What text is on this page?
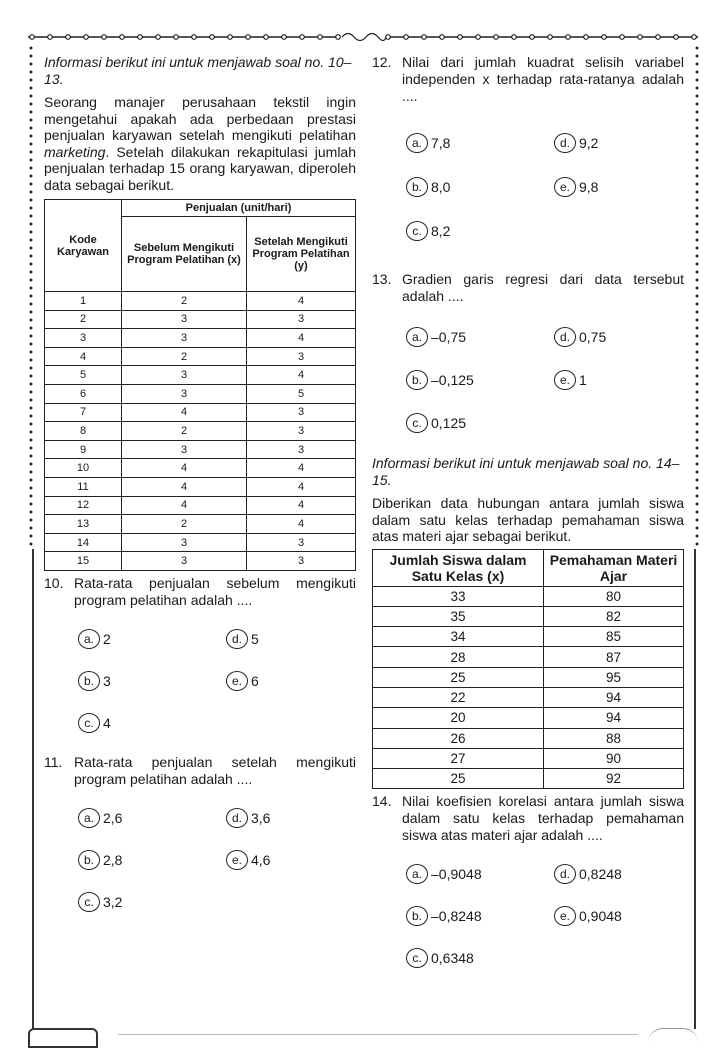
Informasi berikut ini untuk menjawab soal no. 10–13.

Seorang manajer perusahaan tekstil ingin mengetahui apakah ada perbedaan prestasi penjualan karyawan setelah mengikuti pelatihan marketing. Setelah dilakukan rekapitulasi jumlah penjualan terhadap 15 orang karyawan, diperoleh data sebagai berikut.

Kode Karyawan	Penjualan (unit/hari)	
	Sebelum Mengikuti Program Pelatihan (x)	Setelah Mengikuti Program Pelatihan (y)
1	2	4
2	3	3
3	3	4
4	2	3
5	3	4
6	3	5
7	4	3
8	2	3
9	3	3
10	4	4
11	4	4
12	4	4
13	2	4
14	3	3
15	3	3
10. Rata-rata penjualan sebelum mengikuti program pelatihan adalah ....
a. 2	d. 5
b. 3	e. 6
c. 4
11. Rata-rata penjualan setelah mengikuti program pelatihan adalah ....
a. 2,6	d. 3,6
b. 2,8	e. 4,6
c. 3,2
12. Nilai dari jumlah kuadrat selisih variabel independen x terhadap rata-ratanya adalah ....
a. 7,8	d. 9,2
b. 8,0	e. 9,8
c. 8,2
13. Gradien garis regresi dari data tersebut adalah ....
a. –0,75	d. 0,75
b. –0,125	e. 1
c. 0,125

Informasi berikut ini untuk menjawab soal no. 14–15.

Diberikan data hubungan antara jumlah siswa dalam satu kelas terhadap pemahaman siswa atas materi ajar sebagai berikut.

Jumlah Siswa dalam Satu Kelas (x)	Pemahaman Materi Ajar
33	80
35	82
34	85
28	87
25	95
22	94
20	94
26	88
27	90
25	92
14. Nilai koefisien korelasi antara jumlah siswa dalam satu kelas terhadap pemahaman siswa atas materi ajar adalah ....
a. –0,9048	d. 0,8248
b. –0,8248	e. 0,9048
c. 0,6348
